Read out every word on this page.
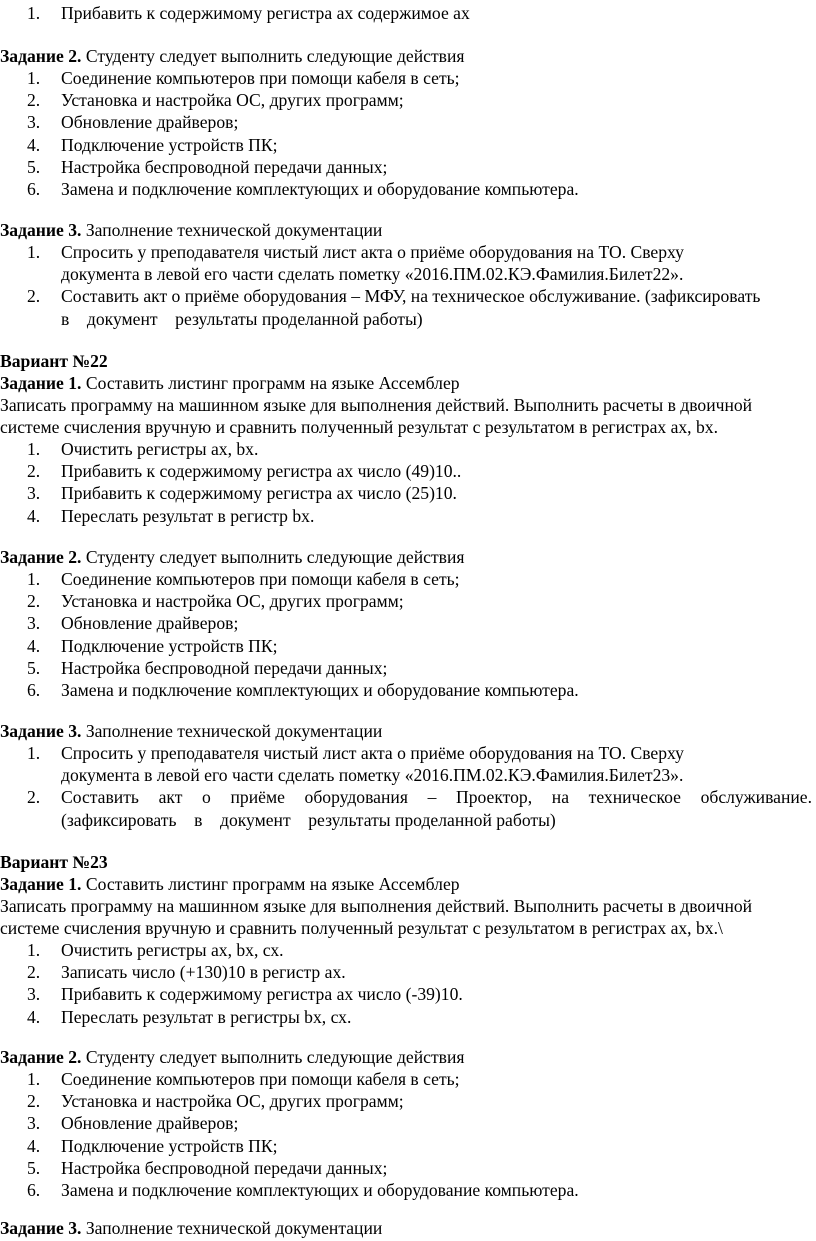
1.	Прибавить к содержимому регистра ах содержимое ах

Задание 2. Студенту следует выполнить следующие действия

1.	Соединение компьютеров при помощи кабеля в сеть;
2.	Установка и настройка ОС, других программ;
3.	Обновление драйверов;
4.	Подключение устройств ПК;
5.	Настройка беспроводной передачи данных;
6.	Замена и подключение комплектующих и оборудование компьютера.

Задание 3. Заполнение технической документации

1.	Спросить у преподавателя чистый лист акта о приёме оборудования на ТО. Сверху
документа в левой его части сделать пометку «2016.ПМ.02.КЭ.Фамилия.Билет22».
2.	Составить акт о приёме оборудования – МФУ, на техническое обслуживание. (зафиксировать
в    документ    результаты проделанной работы)

Вариант №22

Задание 1. Составить листинг программ на языке Ассемблер

Записать программу на машинном языке для выполнения действий. Выполнить расчеты в двоичной

системе счисления вручную и сравнить полученный результат с результатом в регистрах ах, bх.

1.	Очистить регистры ах, bх.
2.	Прибавить к содержимому регистра ах число (49)10..
3.	Прибавить к содержимому регистра ах число (25)10.
4.	Переслать результат в регистр bх.

Задание 2. Студенту следует выполнить следующие действия

1.	Соединение компьютеров при помощи кабеля в сеть;
2.	Установка и настройка ОС, других программ;
3.	Обновление драйверов;
4.	Подключение устройств ПК;
5.	Настройка беспроводной передачи данных;
6.	Замена и подключение комплектующих и оборудование компьютера.

Задание 3. Заполнение технической документации

1.	Спросить у преподавателя чистый лист акта о приёме оборудования на ТО. Сверху
документа в левой его части сделать пометку «2016.ПМ.02.КЭ.Фамилия.Билет23».
2.	Составить акт о приёме оборудования – Проектор, на техническое обслуживание.
(зафиксировать    в    документ    результаты проделанной работы)

Вариант №23

Задание 1. Составить листинг программ на языке Ассемблер

Записать программу на машинном языке для выполнения действий. Выполнить расчеты в двоичной

системе счисления вручную и сравнить полученный результат с результатом в регистрах ах, bх.\

1.	Очистить регистры ах, bх, сх.
2.	Записать число (+130)10 в регистр ах.
3.	Прибавить к содержимому регистра ах число (-39)10.
4.	Переслать результат в регистры bх, сх.

Задание 2. Студенту следует выполнить следующие действия

1.	Соединение компьютеров при помощи кабеля в сеть;
2.	Установка и настройка ОС, других программ;
3.	Обновление драйверов;
4.	Подключение устройств ПК;
5.	Настройка беспроводной передачи данных;
6.	Замена и подключение комплектующих и оборудование компьютера.

Задание 3. Заполнение технической документации
